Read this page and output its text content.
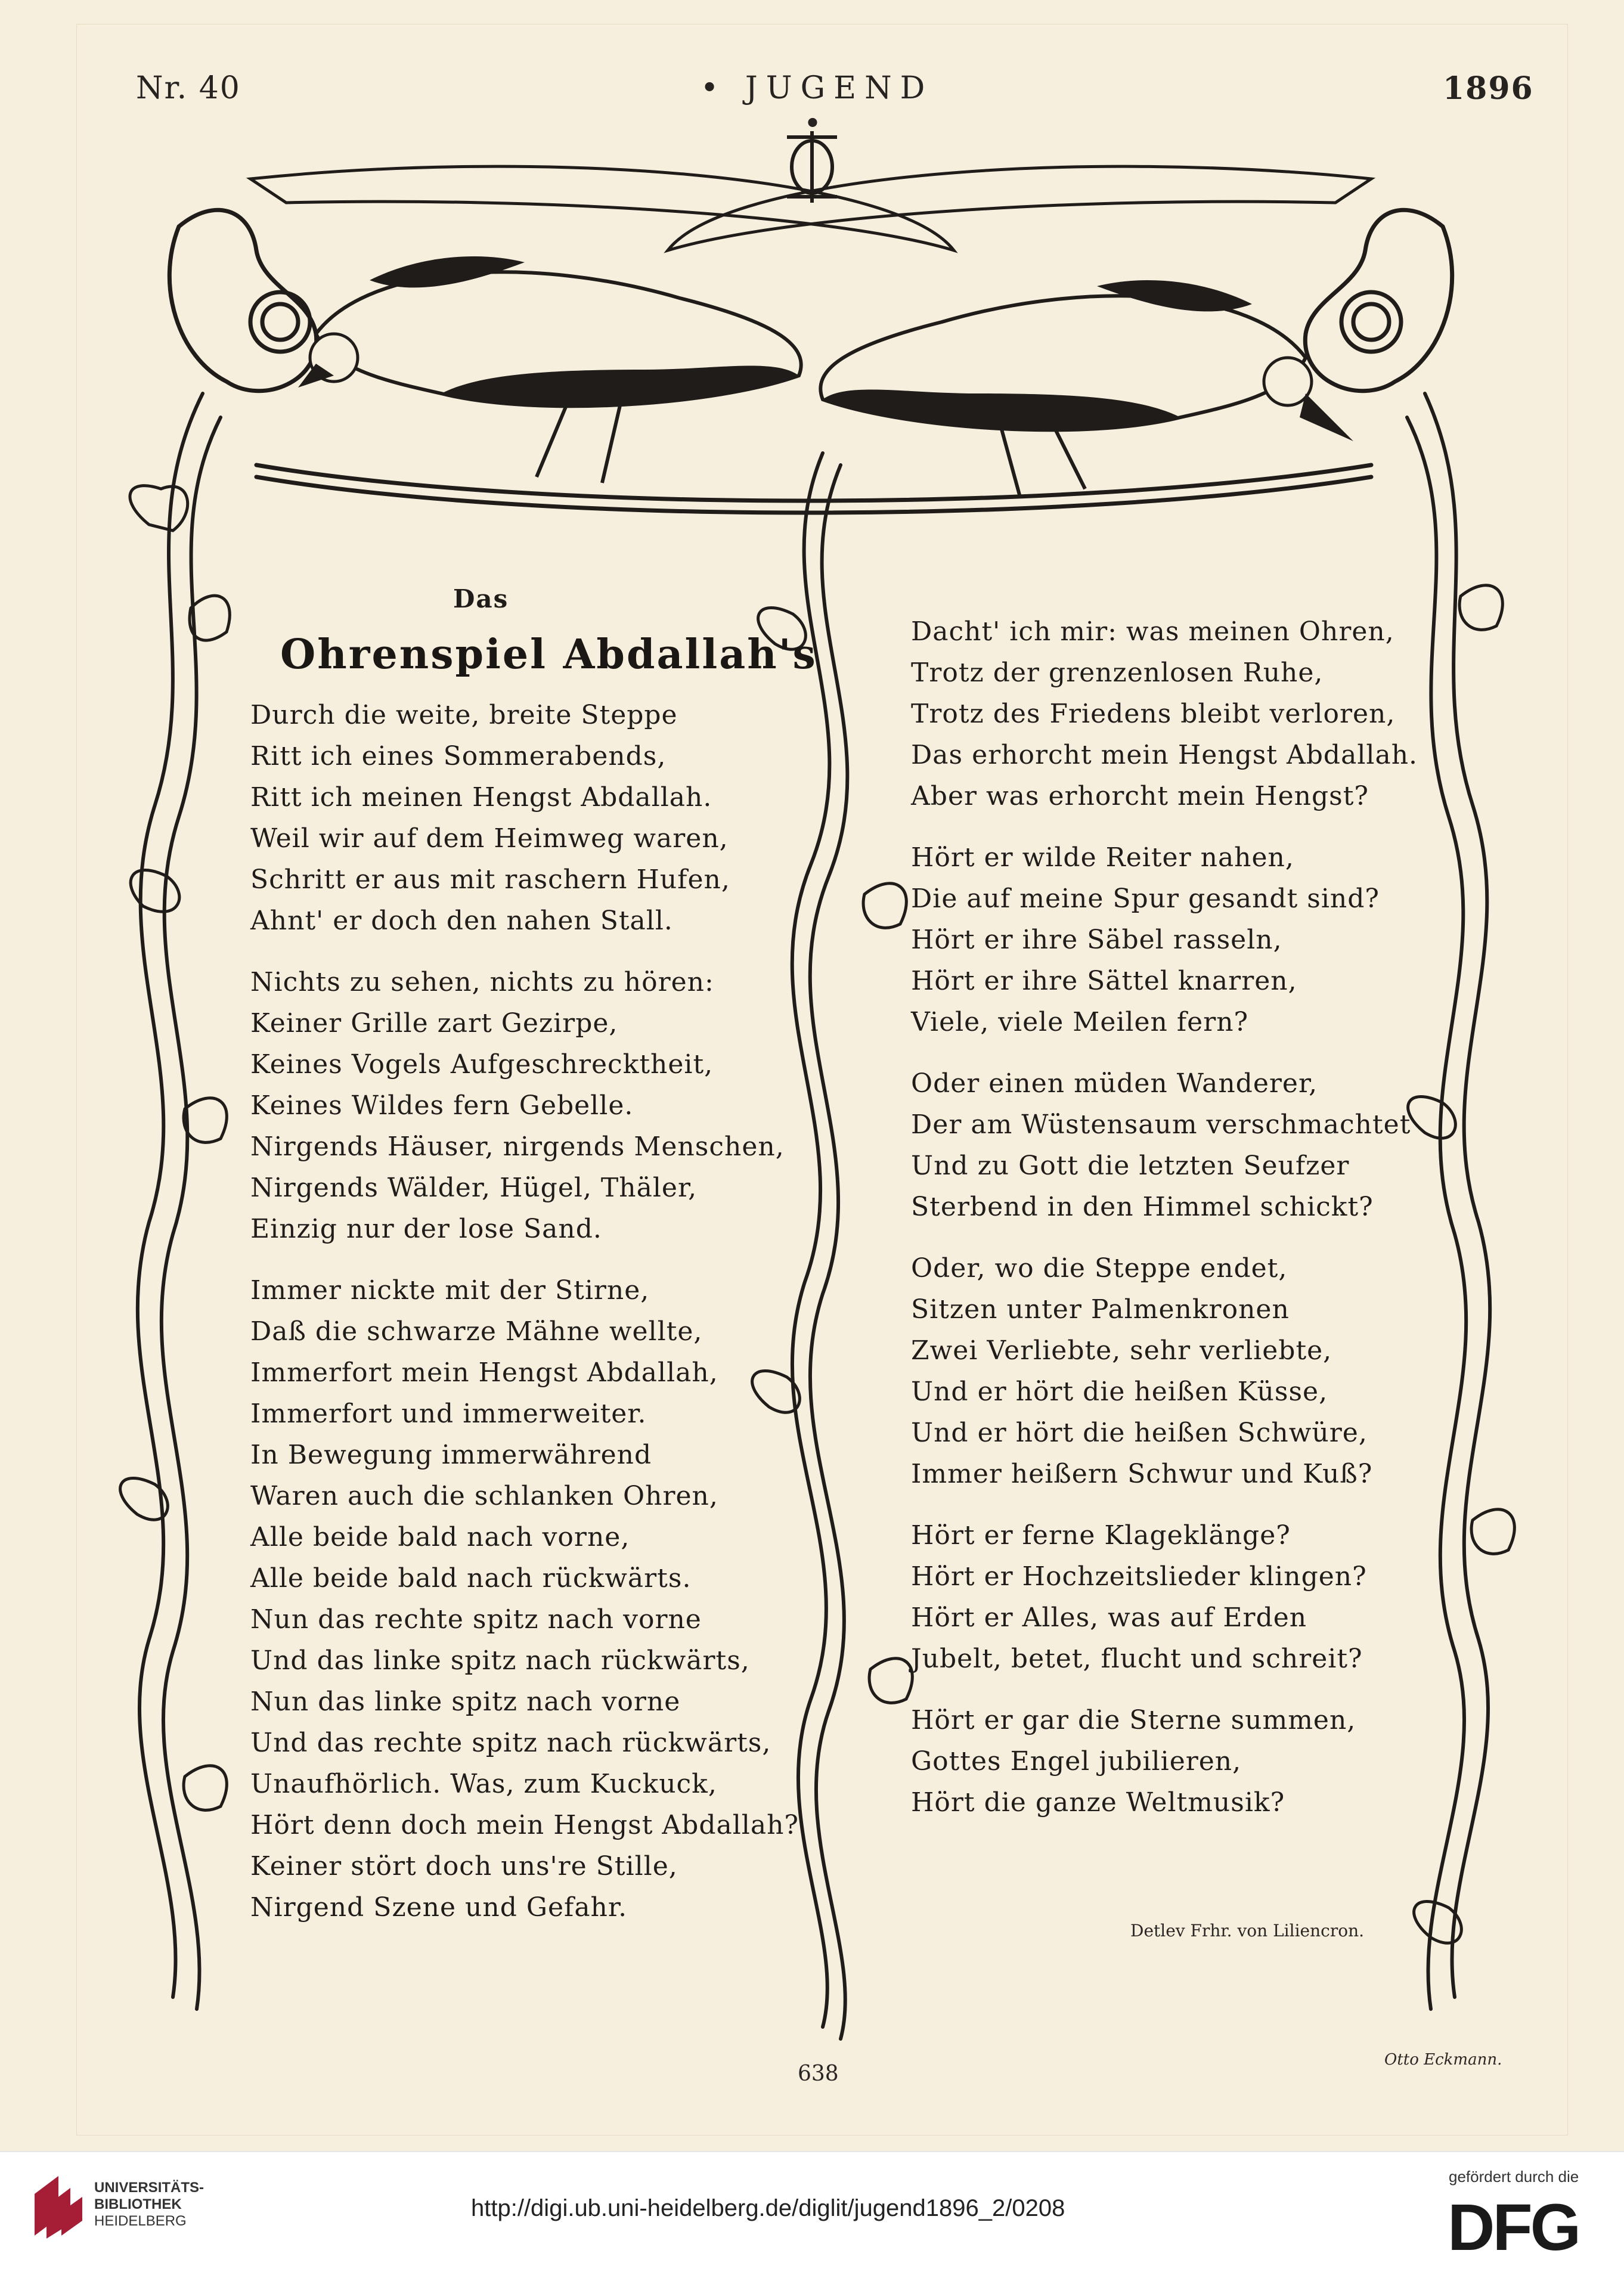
Nr. 40	• JUGEND •
1896
Das
Ohrenspiel Abdallah's
Durch die weite, breite Steppe
Ritt ich eines Sommerabends,
Ritt ich meinen Hengst Abdallah.
Weil wir auf dem Heimweg waren,
Schritt er aus mit raschern Hufen,
Ahnt' er doch den nahen Stall.
Nichts zu sehen, nichts zu hören:
Keiner Grille zart Gezirpe,
Keines Vogels Aufgeschrecktheit,
Keines Wildes fern Gebelle.
Nirgends Häuser, nirgends Menschen,
Nirgends Wälder, Hügel, Thäler,
Einzig nur der lose Sand.
Immer nickte mit der Stirne,
Daß die schwarze Mähne wellte,
Immerfort mein Hengst Abdallah,
Immerfort und immerweiter.
In Bewegung immerwährend
Waren auch die schlanken Ohren,
Alle beide bald nach vorne,
Alle beide bald nach rückwärts.
Nun das rechte spitz nach vorne
Und das linke spitz nach rückwärts,
Nun das linke spitz nach vorne
Und das rechte spitz nach rückwärts,
Unaufhörlich. Was, zum Kuckuck,
Hört denn doch mein Hengst Abdallah?
Keiner stört doch uns're Stille,
Nirgend Szene und Gefahr.
Dacht' ich mir: was meinen Ohren,
Trotz der grenzenlosen Ruhe,
Trotz des Friedens bleibt verloren,
Das erhorcht mein Hengst Abdallah.
Aber was erhorcht mein Hengst?
Hört er wilde Reiter nahen,
Die auf meine Spur gesandt sind?
Hört er ihre Säbel rasseln,
Hört er ihre Sättel knarren,
Viele, viele Meilen fern?
Oder einen müden Wanderer,
Der am Wüstensaum verschmachtet
Und zu Gott die letzten Seufzer
Sterbend in den Himmel schickt?
Oder, wo die Steppe endet,
Sitzen unter Palmenkronen
Zwei Verliebte, sehr verliebte,
Und er hört die heißen Küsse,
Und er hört die heißen Schwüre,
Immer heißern Schwur und Kuß?
Hört er ferne Klageklänge?
Hört er Hochzeitslieder klingen?
Hört er Alles, was auf Erden
Jubelt, betet, flucht und schreit?
Hört er gar die Sterne summen,
Gottes Engel jubilieren,
Hört die ganze Weltmusik?
Detlev Frhr. von Liliencron.
Otto Eckmann.
638
UNIVERSITÄTS-
BIBLIOTHEK
HEIDELBERG	http://digi.ub.uni-heidelberg.de/diglit/jugend1896_2/0208
gefördert durch die
DFG
